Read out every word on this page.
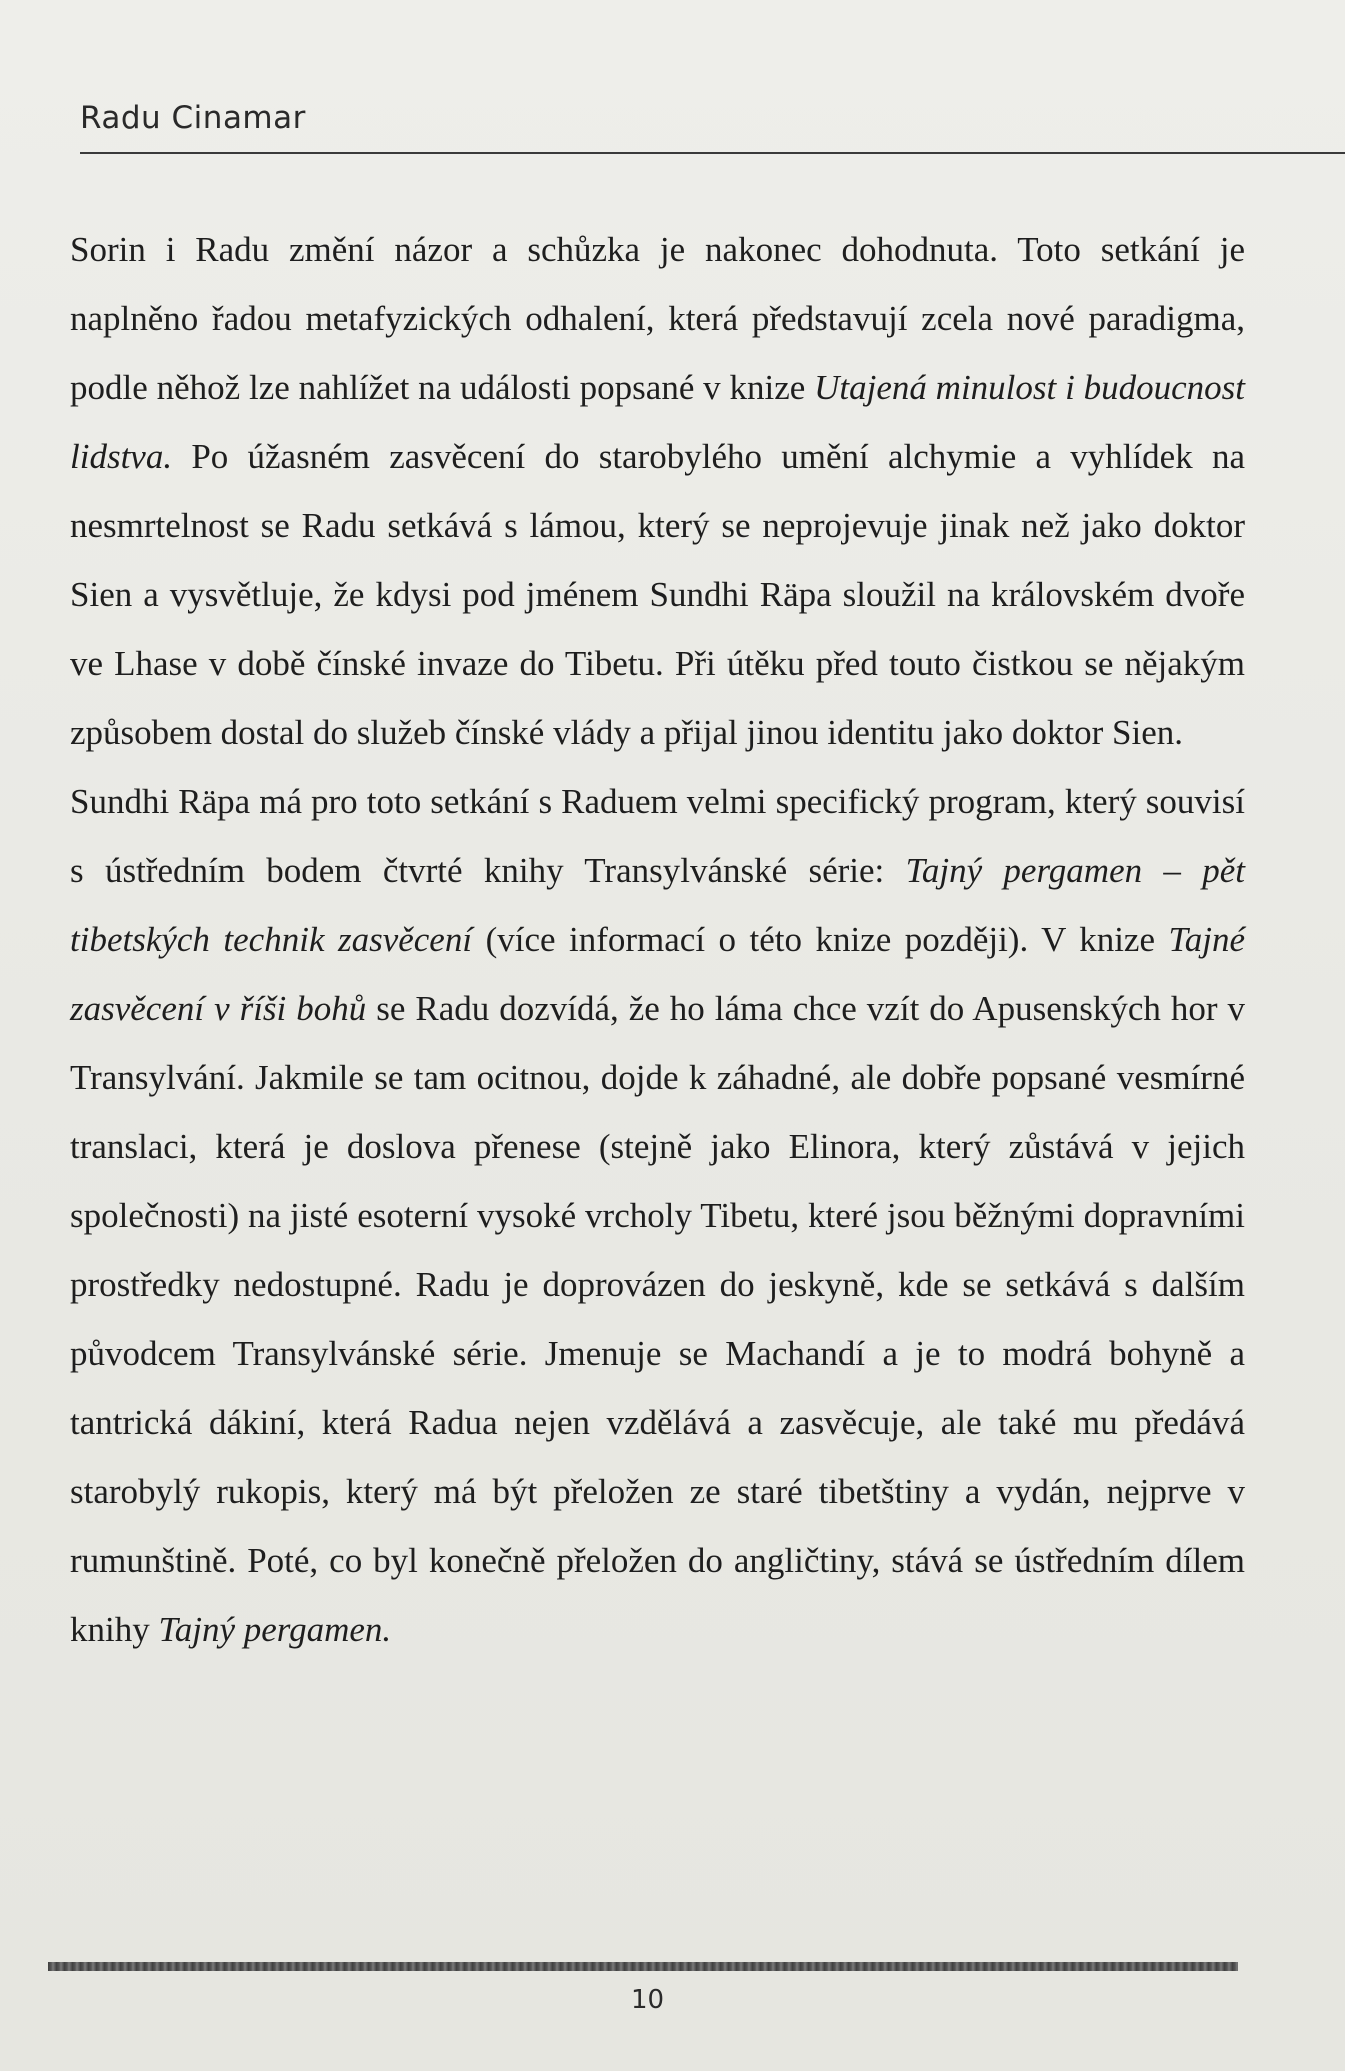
Radu Cinamar

Sorin i Radu změní názor a schůzka je nakonec dohodnuta. Toto setkání je naplněno řadou metafyzických odhalení, která představují zcela nové paradigma, podle něhož lze nahlížet na události popsané v knize Utajená minulost i budoucnost lidstva. Po úžasném zasvěcení do starobylého umění alchymie a vyhlídek na nesmrtelnost se Radu setkává s lámou, který se neprojevuje jinak než jako doktor Sien a vysvětluje, že kdysi pod jménem Sundhi Räpa sloužil na královském dvoře ve Lhase v době čínské invaze do Tibetu. Při útěku před touto čistkou se nějakým způsobem dostal do služeb čínské vlády a přijal jinou identitu jako doktor Sien.

Sundhi Räpa má pro toto setkání s Raduem velmi specifický program, který souvisí s ústředním bodem čtvrté knihy Transylvánské série: Tajný pergamen – pět tibetských technik zasvěcení (více informací o této knize později). V knize Tajné zasvěcení v říši bohů se Radu dozvídá, že ho láma chce vzít do Apusenských hor v Transylvání. Jakmile se tam ocitnou, dojde k záhadné, ale dobře popsané vesmírné translaci, která je doslova přenese (stejně jako Elinora, který zůstává v jejich společnosti) na jisté esoterní vysoké vrcholy Tibetu, které jsou běžnými dopravními prostředky nedostupné. Radu je doprovázen do jeskyně, kde se setkává s dalším původcem Transylvánské série. Jmenuje se Machandí a je to modrá bohyně a tantrická dákiní, která Radua nejen vzdělává a zasvěcuje, ale také mu předává starobylý rukopis, který má být přeložen ze staré tibetštiny a vydán, nejprve v rumunštině. Poté, co byl konečně přeložen do angličtiny, stává se ústředním dílem knihy Tajný pergamen.

10
